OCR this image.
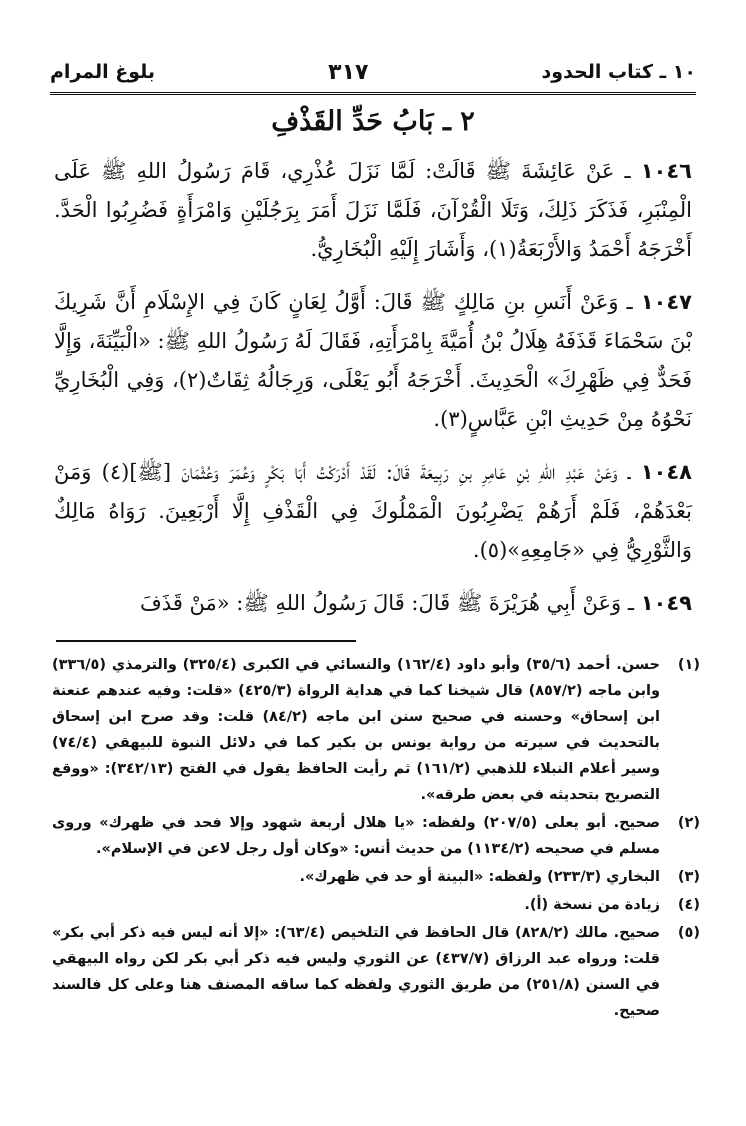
بلوغ المرام	٣١٧	١٠ ـ كتاب الحدود
٢ ـ بَابُ حَدِّ القَذْفِ

١٠٤٦ ـ عَنْ عَائِشَةَ ﷺ قَالَتْ: لَمَّا نَزَلَ عُذْرِي، قَامَ رَسُولُ اللهِ ﷺ عَلَى الْمِنْبَرِ، فَذَكَرَ ذَلِكَ، وَتَلَا الْقُرْآنَ، فَلَمَّا نَزَلَ أَمَرَ بِرَجُلَيْنِ وَامْرَأَةٍ فَضُرِبُوا الْحَدَّ. أَخْرَجَهُ أَحْمَدُ وَالأَرْبَعَةُ(١)، وَأَشَارَ إِلَيْهِ الْبُخَارِيُّ.

١٠٤٧ ـ وَعَنْ أَنَسِ بنِ مَالِكٍ ﷺ قَالَ: أَوَّلُ لِعَانٍ كَانَ فِي الإِسْلَامِ أَنَّ شَرِيكَ بْنَ سَحْمَاءَ قَذَفَهُ هِلَالُ بْنُ أُمَيَّةَ بِامْرَأَتِهِ، فَقَالَ لَهُ رَسُولُ اللهِ ﷺ: «الْبَيِّنَةَ، وَإِلَّا فَحَدٌّ فِي ظَهْرِكَ» الْحَدِيثَ. أَخْرَجَهُ أَبُو يَعْلَى، وَرِجَالُهُ ثِقَاتٌ(٢)، وَفِي الْبُخَارِيِّ نَحْوُهُ مِنْ حَدِيثِ ابْنِ عَبَّاسٍ(٣).

١٠٤٨ ـ وَعَنْ عَبْدِ اللهِ بْنِ عَامِرِ بنِ رَبِيعَةَ قَالَ: لَقَدْ أَدْرَكْتُ أَبَا بَكْرٍ وَعُمَرَ وَعُثْمَانَ [ﷺ](٤) وَمَنْ بَعْدَهُمْ، فَلَمْ أَرَهُمْ يَضْرِبُونَ الْمَمْلُوكَ فِي الْقَذْفِ إِلَّا أَرْبَعِينَ. رَوَاهُ مَالِكٌ وَالثَّوْرِيُّ فِي «جَامِعِهِ»(٥).

١٠٤٩ ـ وَعَنْ أَبِي هُرَيْرَةَ ﷺ قَالَ: قَالَ رَسُولُ اللهِ ﷺ: «مَنْ قَذَفَ

(١)
حسن. أحمد (٣٥/٦) وأبو داود (١٦٢/٤) والنسائي في الكبرى (٣٢٥/٤) والترمذي (٣٣٦/٥) وابن ماجه (٨٥٧/٢) قال شيخنا كما في هداية الرواة (٤٢٥/٣) «قلت: وفيه عندهم عنعنة ابن إسحاق» وحسنه في صحيح سنن ابن ماجه (٨٤/٢) قلت: وقد صرح ابن إسحاق بالتحديث في سيرته من رواية يونس بن بكير كما في دلائل النبوة للبيهقي (٧٤/٤) وسير أعلام النبلاء للذهبي (١٦١/٢) ثم رأيت الحافظ يقول في الفتح (٣٤٢/١٣): «ووقع التصريح بتحديثه في بعض طرقه».
(٢)
صحيح. أبو يعلى (٢٠٧/٥) ولفظه: «يا هلال أربعة شهود وإلا فحد في ظهرك» وروى مسلم في صحيحه (١١٣٤/٢) من حديث أنس: «وكان أول رجل لاعن في الإسلام».
(٣)
البخاري (٢٣٣/٣) ولفظه: «البينة أو حد في ظهرك».
(٤)
زيادة من نسخة (أ).
(٥)
صحيح. مالك (٨٢٨/٢) قال الحافظ في التلخيص (٦٣/٤): «إلا أنه ليس فيه ذكر أبي بكر» قلت: ورواه عبد الرزاق (٤٣٧/٧) عن الثوري وليس فيه ذكر أبي بكر لكن رواه البيهقي في السنن (٢٥١/٨) من طريق الثوري ولفظه كما ساقه المصنف هنا وعلى كل فالسند صحيح.
